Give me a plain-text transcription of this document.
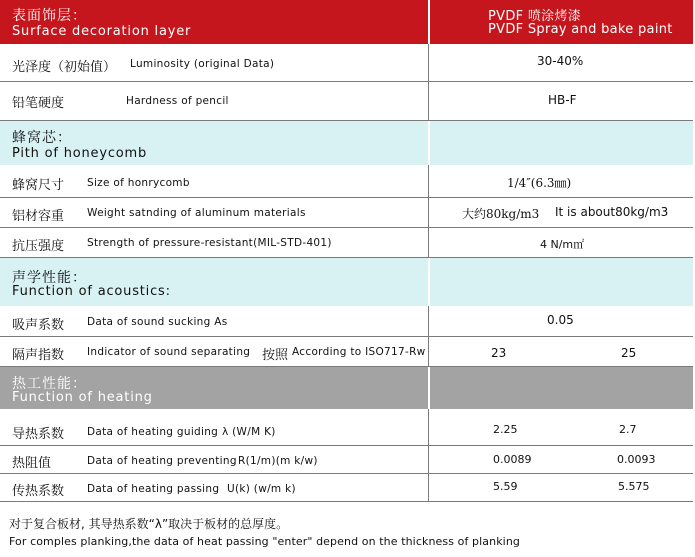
表面饰层：
Surface decoration layer
PVDF 喷涂烤漆
PVDF Spray and bake paint
光泽度（初始值） Luminosity (original Data)	30-40%
铅笔硬度	Hardness of pencil	HB-F
蜂窝芯：
Pith of honeycomb
蜂窝尺寸 Size of honrycomb	1/4″(6.3㎜)
铝材容重 Weight satnding of aluminum materials	大约80kg/m3 It is about80kg/m3
抗压强度 Strength of pressure-resistant(MIL-STD-401)	4 N/m㎡
声学性能：
Function of acoustics:
吸声系数 Data of sound sucking As	0.05
隔声指数 Indicator of sound separating 按照 According to ISO717-Rw	23	25
热工性能：
Function of heating
导热系数 Data of heating guiding λ (W/M K)	2.25	2.7
热阻值	Data of heating preventing R(1/m)(m k/w)	0.0089	0.0093
传热系数 Data of heating passing U(k) (w/m k)	5.59	5.575
对于复合板材, 其导热系数“λ”取决于板材的总厚度。
For comples planking,the data of heat passing "enter" depend on the thickness of planking
